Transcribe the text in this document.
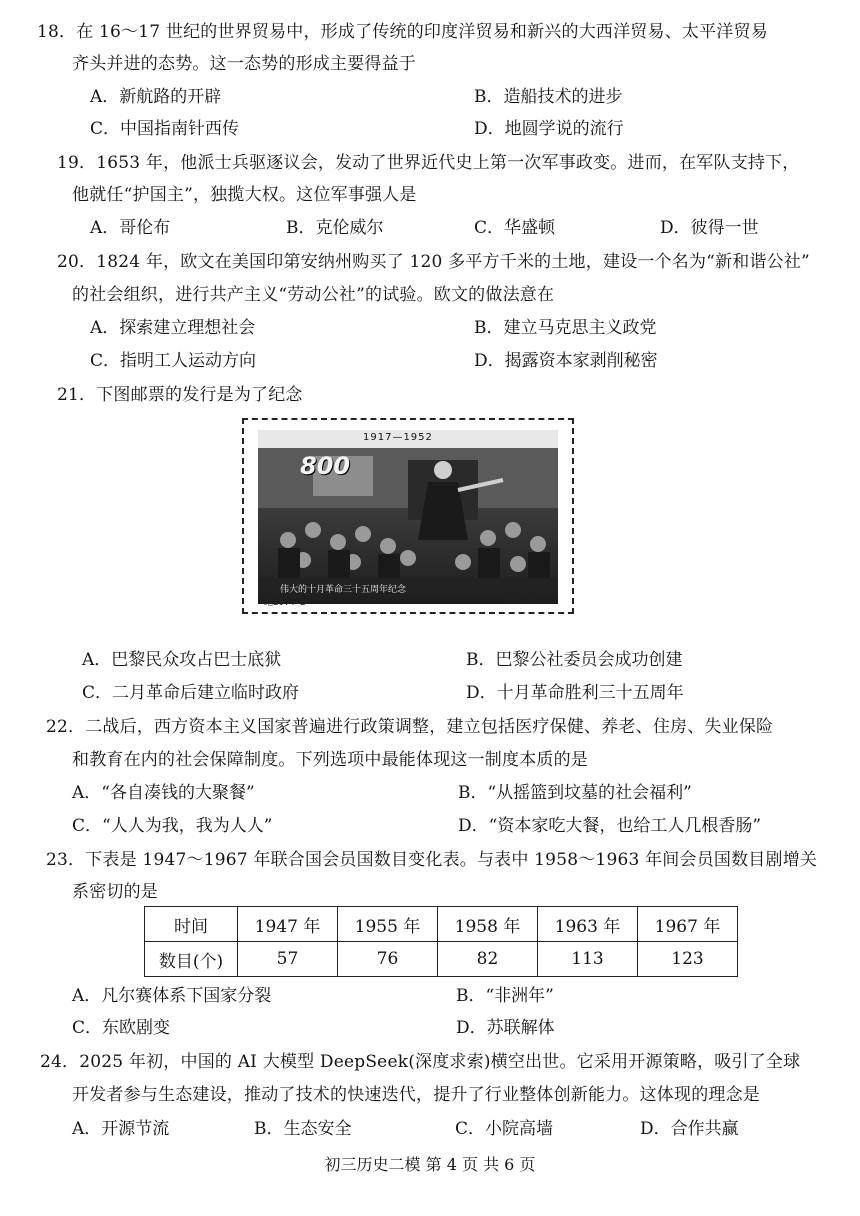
18．在 16～17 世纪的世界贸易中，形成了传统的印度洋贸易和新兴的大西洋贸易、太平洋贸易
齐头并进的态势。这一态势的形成主要得益于
A．新航路的开辟	B．造船技术的进步
C．中国指南针西传	D．地圆学说的流行
19．1653 年，他派士兵驱逐议会，发动了世界近代史上第一次军事政变。进而，在军队支持下，
他就任“护国主”，独揽大权。这位军事强人是
A．哥伦布	B．克伦威尔	C．华盛顿	D．彼得一世
20．1824 年，欧文在美国印第安纳州购买了 120 多平方千米的土地，建设一个名为“新和谐公社”
的社会组织，进行共产主义“劳动公社”的试验。欧文的做法意在
A．探索建立理想社会	B．建立马克思主义政党
C．指明工人运动方向	D．揭露资本家剥削秘密
21．下图邮票的发行是为了纪念
1917—1952
800
伟大的十月革命三十五周年纪念
纪20.4-2	(85)1952
A．巴黎民众攻占巴士底狱	B．巴黎公社委员会成功创建
C．二月革命后建立临时政府	D．十月革命胜利三十五周年
22．二战后，西方资本主义国家普遍进行政策调整，建立包括医疗保健、养老、住房、失业保险
和教育在内的社会保障制度。下列选项中最能体现这一制度本质的是
A．“各自凑钱的大聚餐”	B．“从摇篮到坟墓的社会福利”
C．“人人为我，我为人人”	D．“资本家吃大餐，也给工人几根香肠”
23．下表是 1947～1967 年联合国会员国数目变化表。与表中 1958～1963 年间会员国数目剧增关
系密切的是
时间	1947 年	1955 年	1958 年	1963 年	1967 年
数目(个)	57	76	82	113	123
A．凡尔赛体系下国家分裂	B．“非洲年”
C．东欧剧变	D．苏联解体
24．2025 年初，中国的 AI 大模型 DeepSeek(深度求索)横空出世。它采用开源策略，吸引了全球
开发者参与生态建设，推动了技术的快速迭代，提升了行业整体创新能力。这体现的理念是
A．开源节流	B．生态安全	C．小院高墙	D．合作共赢
初三历史二模 第 4 页 共 6 页
